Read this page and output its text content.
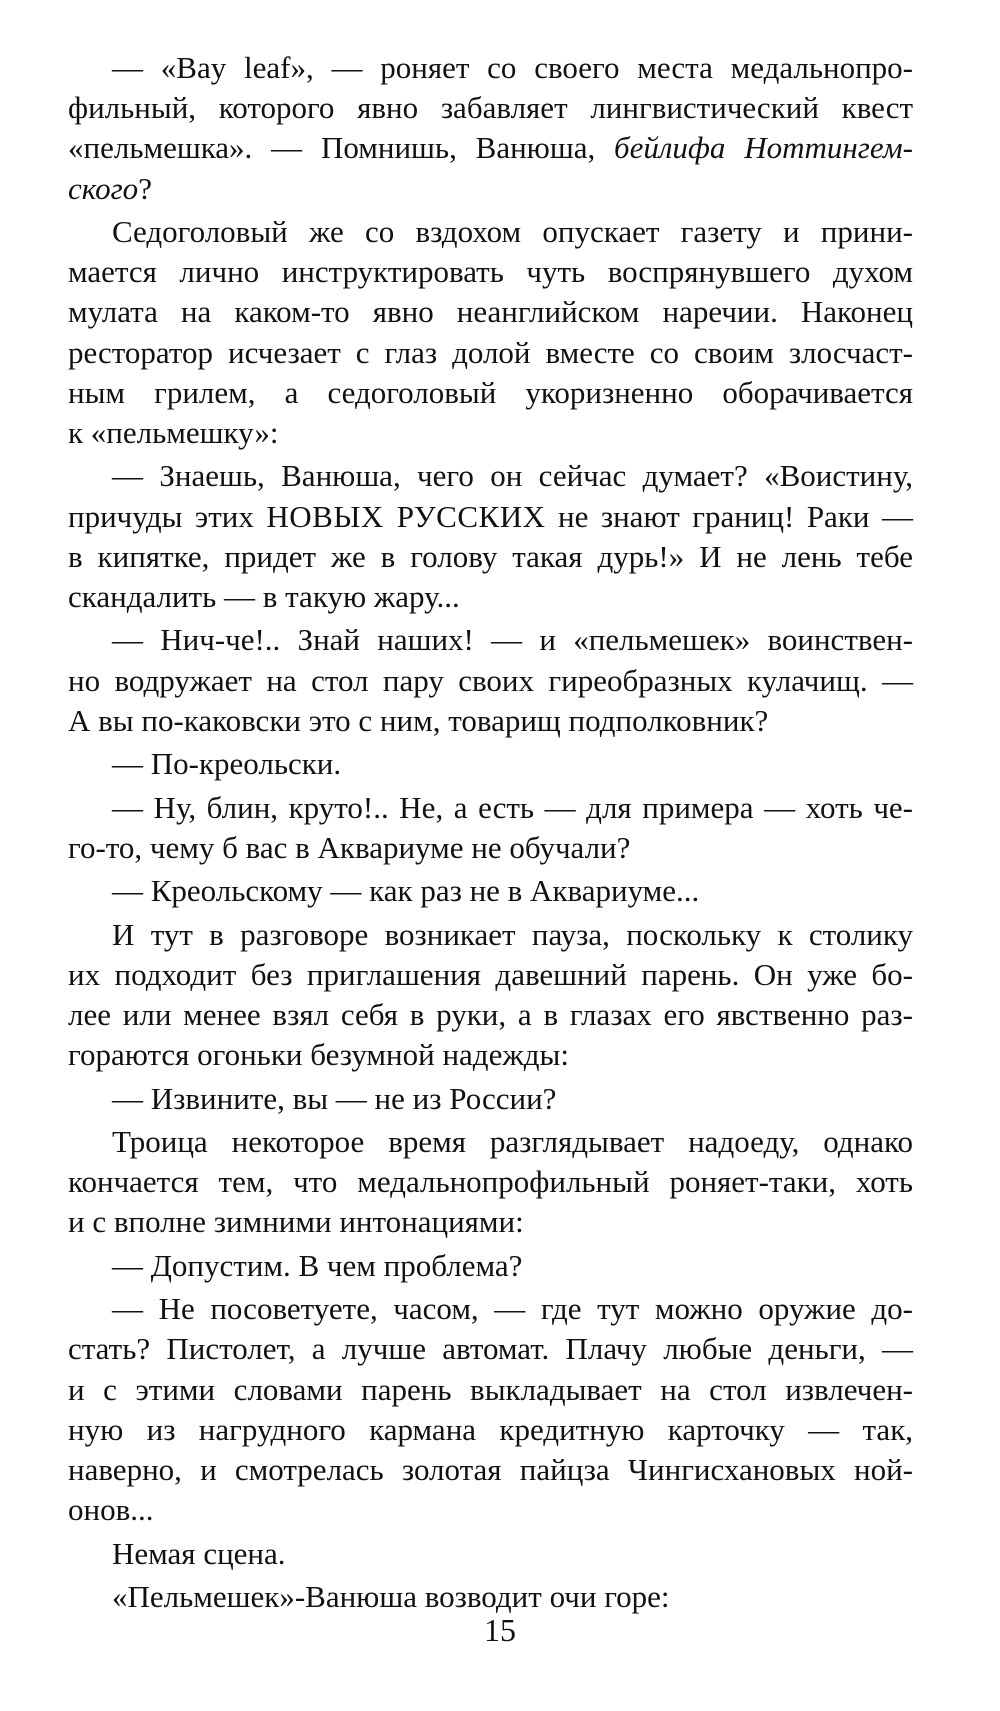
— «Bay leaf», — роняет со своего места медальнопро-
фильный, которого явно забавляет лингвистический квест
«пельмешка». — Помнишь, Ванюша, бейлифа Ноттингем-
ского?
Седоголовый же со вздохом опускает газету и прини-
мается лично инструктировать чуть воспрянувшего духом
мулата на каком-то явно неанглийском наречии. Наконец
ресторатор исчезает с глаз долой вместе со своим злосчаст-
ным грилем, а седоголовый укоризненно оборачивается
к «пельмешку»:
— Знаешь, Ванюша, чего он сейчас думает? «Воистину,
причуды этих НОВЫХ РУССКИХ не знают границ! Раки —
в кипятке, придет же в голову такая дурь!» И не лень тебе
скандалить — в такую жару...
— Нич-че!.. Знай наших! — и «пельмешек» воинствен-
но водружает на стол пару своих гиреобразных кулачищ. —
А вы по-каковски это с ним, товарищ подполковник?
— По-креольски.
— Ну, блин, круто!.. Не, а есть — для примера — хоть че-
го-то, чему б вас в Аквариуме не обучали?
— Креольскому — как раз не в Аквариуме...
И тут в разговоре возникает пауза, поскольку к столику
их подходит без приглашения давешний парень. Он уже бо-
лее или менее взял себя в руки, а в глазах его явственно раз-
гораются огоньки безумной надежды:
— Извините, вы — не из России?
Троица некоторое время разглядывает надоеду, однако
кончается тем, что медальнопрофильный роняет-таки, хоть
и с вполне зимними интонациями:
— Допустим. В чем проблема?
— Не посоветуете, часом, — где тут можно оружие до-
стать? Пистолет, а лучше автомат. Плачу любые деньги, —
и с этими словами парень выкладывает на стол извлечен-
ную из нагрудного кармана кредитную карточку — так,
наверно, и смотрелась золотая пайцза Чингисхановых ной-
онов...
Немая сцена.
«Пельмешек»-Ванюша возводит очи горе:
15
